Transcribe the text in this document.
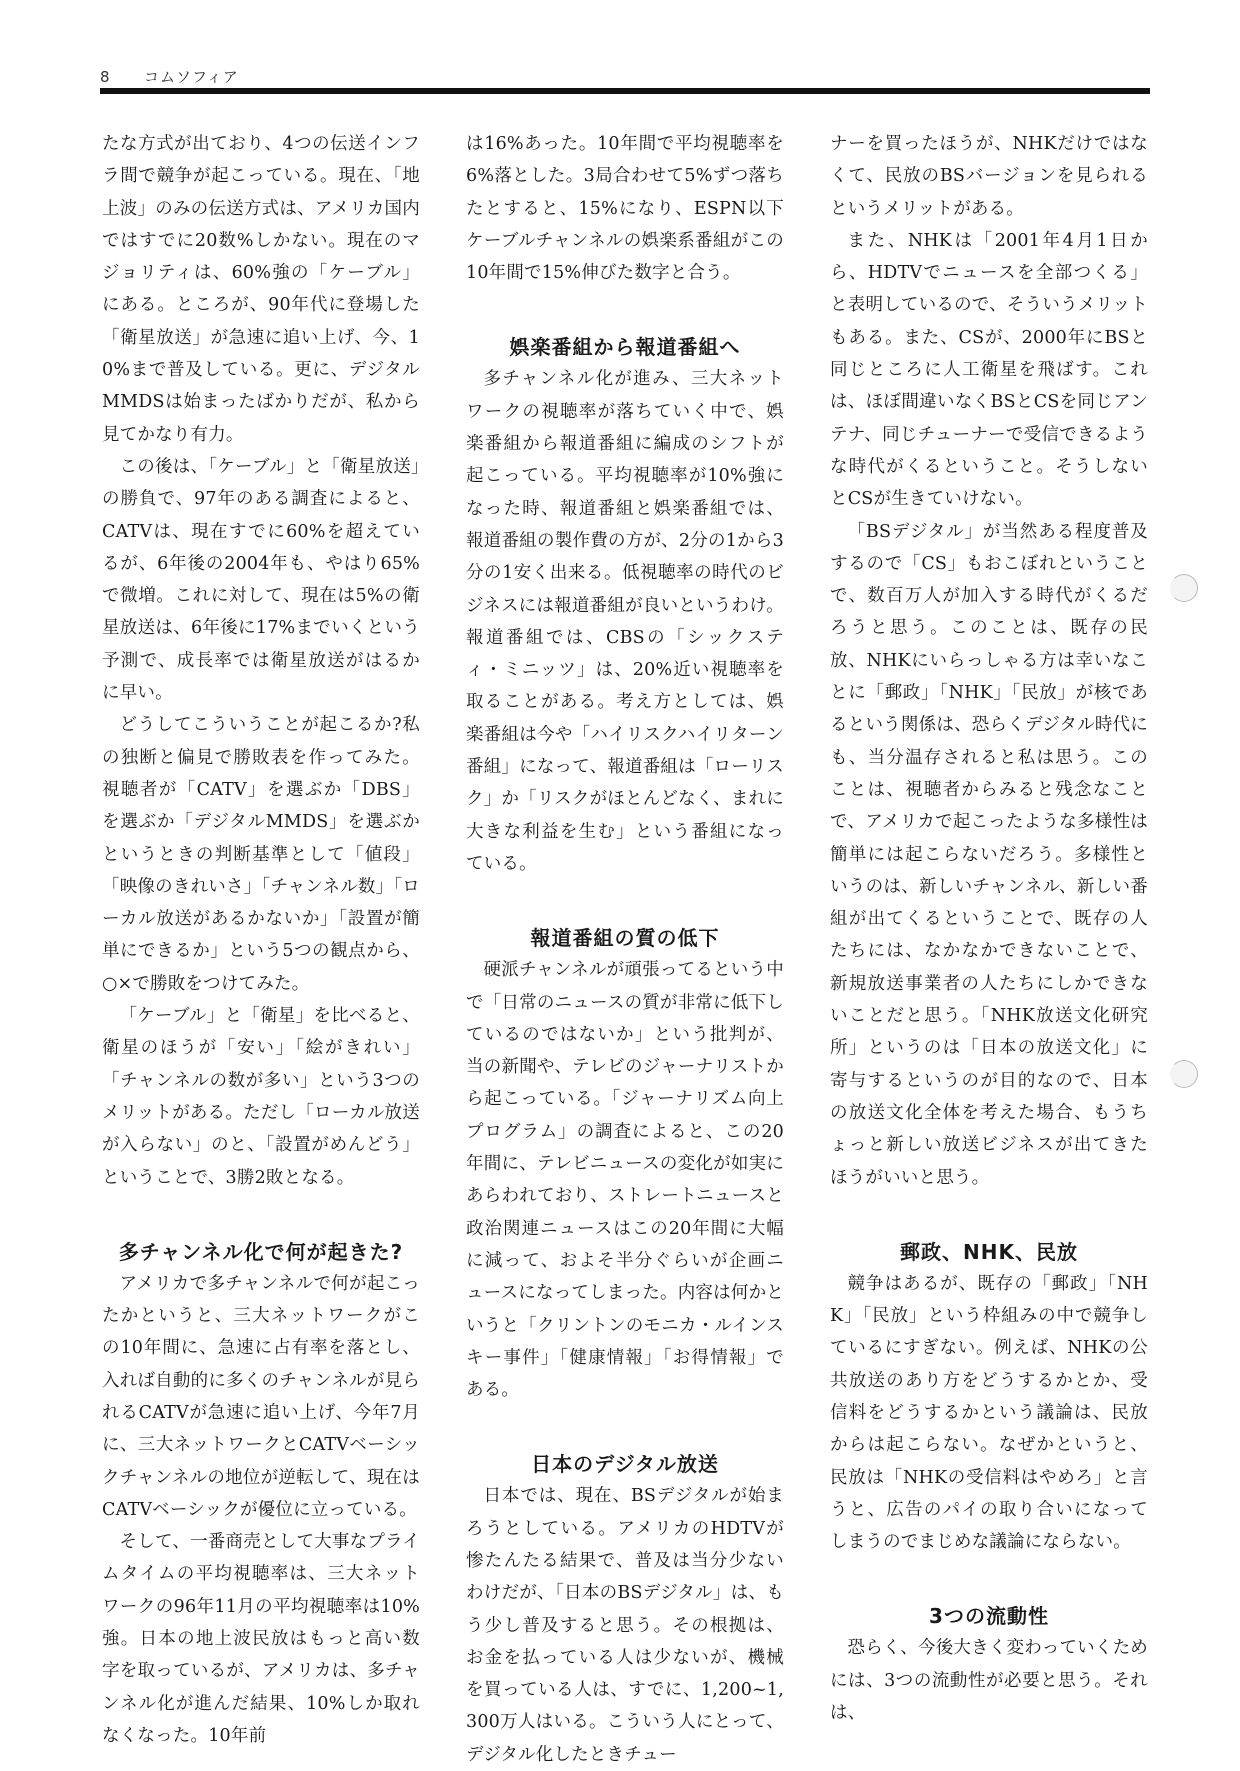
8 コムソフィア

たな方式が出ており、4つの伝送インフラ間で競争が起こっている。現在、「地上波」のみの伝送方式は、アメリカ国内ではすでに20数%しかない。現在のマジョリティは、60%強の「ケーブル」にある。ところが、90年代に登場した「衛星放送」が急速に追い上げ、今、10%まで普及している。更に、デジタルMMDSは始まったばかりだが、私から見てかなり有力。

この後は、「ケーブル」と「衛星放送」の勝負で、97年のある調査によると、CATVは、現在すでに60%を超えているが、6年後の2004年も、やはり65%で微増。これに対して、現在は5%の衛星放送は、6年後に17%までいくという予測で、成長率では衛星放送がはるかに早い。

どうしてこういうことが起こるか?私の独断と偏見で勝敗表を作ってみた。視聴者が「CATV」を選ぶか「DBS」を選ぶか「デジタルMMDS」を選ぶかというときの判断基準として「値段」「映像のきれいさ」「チャンネル数」「ローカル放送があるかないか」「設置が簡単にできるか」という5つの観点から、○×で勝敗をつけてみた。

「ケーブル」と「衛星」を比べると、衛星のほうが「安い」「絵がきれい」「チャンネルの数が多い」という3つのメリットがある。ただし「ローカル放送が入らない」のと、「設置がめんどう」ということで、3勝2敗となる。

多チャンネル化で何が起きた?

アメリカで多チャンネルで何が起こったかというと、三大ネットワークがこの10年間に、急速に占有率を落とし、入れば自動的に多くのチャンネルが見られるCATVが急速に追い上げ、今年7月に、三大ネットワークとCATVベーシックチャンネルの地位が逆転して、現在はCATVベーシックが優位に立っている。

そして、一番商売として大事なプライムタイムの平均視聴率は、三大ネットワークの96年11月の平均視聴率は10%強。日本の地上波民放はもっと高い数字を取っているが、アメリカは、多チャンネル化が進んだ結果、10%しか取れなくなった。10年前

は16%あった。10年間で平均視聴率を6%落とした。3局合わせて5%ずつ落ちたとすると、15%になり、ESPN以下ケーブルチャンネルの娯楽系番組がこの10年間で15%伸びた数字と合う。

娯楽番組から報道番組へ

多チャンネル化が進み、三大ネットワークの視聴率が落ちていく中で、娯楽番組から報道番組に編成のシフトが起こっている。平均視聴率が10%強になった時、報道番組と娯楽番組では、報道番組の製作費の方が、2分の1から3分の1安く出来る。低視聴率の時代のビジネスには報道番組が良いというわけ。報道番組では、CBSの「シックスティ・ミニッツ」は、20%近い視聴率を取ることがある。考え方としては、娯楽番組は今や「ハイリスクハイリターン番組」になって、報道番組は「ローリスク」か「リスクがほとんどなく、まれに大きな利益を生む」という番組になっている。

報道番組の質の低下

硬派チャンネルが頑張ってるという中で「日常のニュースの質が非常に低下しているのではないか」という批判が、当の新聞や、テレビのジャーナリストから起こっている。「ジャーナリズム向上プログラム」の調査によると、この20年間に、テレビニュースの変化が如実にあらわれており、ストレートニュースと政治関連ニュースはこの20年間に大幅に減って、およそ半分ぐらいが企画ニュースになってしまった。内容は何かというと「クリントンのモニカ・ルインスキー事件」「健康情報」「お得情報」である。

日本のデジタル放送

日本では、現在、BSデジタルが始まろうとしている。アメリカのHDTVが惨たんたる結果で、普及は当分少ないわけだが、「日本のBSデジタル」は、もう少し普及すると思う。その根拠は、お金を払っている人は少ないが、機械を買っている人は、すでに、1,200~1,300万人はいる。こういう人にとって、デジタル化したときチュー

ナーを買ったほうが、NHKだけではなくて、民放のBSバージョンを見られるというメリットがある。

また、NHKは「2001年4月1日から、HDTVでニュースを全部つくる」と表明しているので、そういうメリットもある。また、CSが、2000年にBSと同じところに人工衛星を飛ばす。これは、ほぼ間違いなくBSとCSを同じアンテナ、同じチューナーで受信できるような時代がくるということ。そうしないとCSが生きていけない。

「BSデジタル」が当然ある程度普及するので「CS」もおこぼれということで、数百万人が加入する時代がくるだろうと思う。このことは、既存の民放、NHKにいらっしゃる方は幸いなことに「郵政」「NHK」「民放」が核であるという関係は、恐らくデジタル時代にも、当分温存されると私は思う。このことは、視聴者からみると残念なことで、アメリカで起こったような多様性は簡単には起こらないだろう。多様性というのは、新しいチャンネル、新しい番組が出てくるということで、既存の人たちには、なかなかできないことで、新規放送事業者の人たちにしかできないことだと思う。「NHK放送文化研究所」というのは「日本の放送文化」に寄与するというのが目的なので、日本の放送文化全体を考えた場合、もうちょっと新しい放送ビジネスが出てきたほうがいいと思う。

郵政、NHK、民放

競争はあるが、既存の「郵政」「NHK」「民放」という枠組みの中で競争しているにすぎない。例えば、NHKの公共放送のあり方をどうするかとか、受信料をどうするかという議論は、民放からは起こらない。なぜかというと、民放は「NHKの受信料はやめろ」と言うと、広告のパイの取り合いになってしまうのでまじめな議論にならない。

3つの流動性

恐らく、今後大きく変わっていくためには、3つの流動性が必要と思う。それは、
